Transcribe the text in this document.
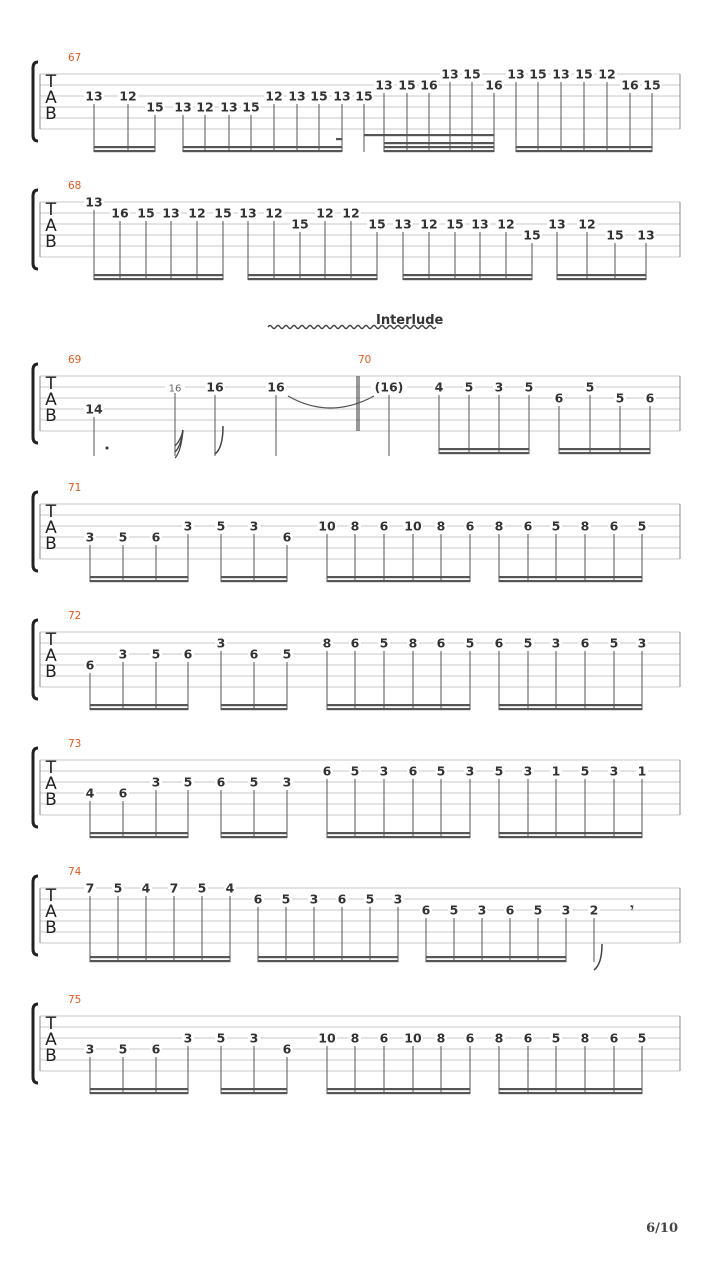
T
A
B
67
13 12
15 13 12 13 15
12 13 15 13 15
13 15 16
13 15
16
13 15 13 15 12
16 15
T
A
B
68
13
16 15 13 12 15 13 12
15
12 12
15 13 12 15 13 12
15
13 12
15 13
T
A
B
69
14
16 16	16
70
(16) 4 5 3 5
6
5
5 6
T
A
B
71
3 5 6
3 5 3
6
10 8 6 10 8 6 8 6 5 8 6 5
T
A
B
72
6
3 5 6
3
6 5
8 6 5 8 6 5 6 5 3 6 5 3
T
A
B
73
4 6
3 5 6 5 3
6 5 3 6 5 3 5 3 1 5 3 1
T
A
B
74
7 5 4 7 5 4
6 5 3 6 5 3
6 5 3 6 5 3 2
T
A
B
75
3 5 6
3 5 3
6
10 8 6 10 8 6 8 6 5 8 6 5
𝄾
Interlude
6/10
